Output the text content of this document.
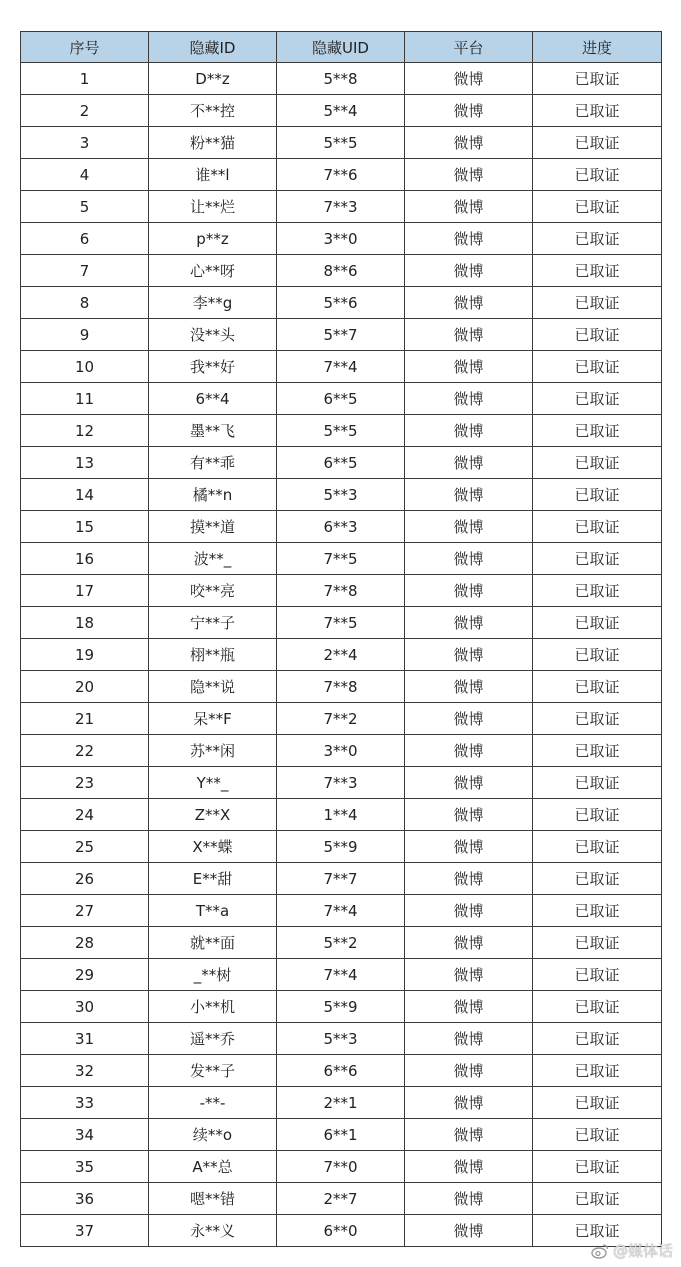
序号	隐藏ID	隐藏UID	平台	进度
1	D**z	5**8	微博	已取证
2	不**控	5**4	微博	已取证
3	粉**猫	5**5	微博	已取证
4	谁**l	7**6	微博	已取证
5	让**烂	7**3	微博	已取证
6	p**z	3**0	微博	已取证
7	心**呀	8**6	微博	已取证
8	李**g	5**6	微博	已取证
9	没**头	5**7	微博	已取证
10	我**好	7**4	微博	已取证
11	6**4	6**5	微博	已取证
12	墨**飞	5**5	微博	已取证
13	有**乖	6**5	微博	已取证
14	橘**n	5**3	微博	已取证
15	摸**道	6**3	微博	已取证
16	波**_	7**5	微博	已取证
17	咬**亮	7**8	微博	已取证
18	宁**子	7**5	微博	已取证
19	栩**瓶	2**4	微博	已取证
20	隐**说	7**8	微博	已取证
21	呆**F	7**2	微博	已取证
22	苏**闲	3**0	微博	已取证
23	Y**_	7**3	微博	已取证
24	Z**X	1**4	微博	已取证
25	X**蝶	5**9	微博	已取证
26	E**甜	7**7	微博	已取证
27	T**a	7**4	微博	已取证
28	就**面	5**2	微博	已取证
29	_**树	7**4	微博	已取证
30	小**机	5**9	微博	已取证
31	遥**乔	5**3	微博	已取证
32	发**子	6**6	微博	已取证
33	-**-	2**1	微博	已取证
34	续**o	6**1	微博	已取证
35	A**总	7**0	微博	已取证
36	嗯**错	2**7	微博	已取证
37	永**义	6**0	微博	已取证
@媒体话
